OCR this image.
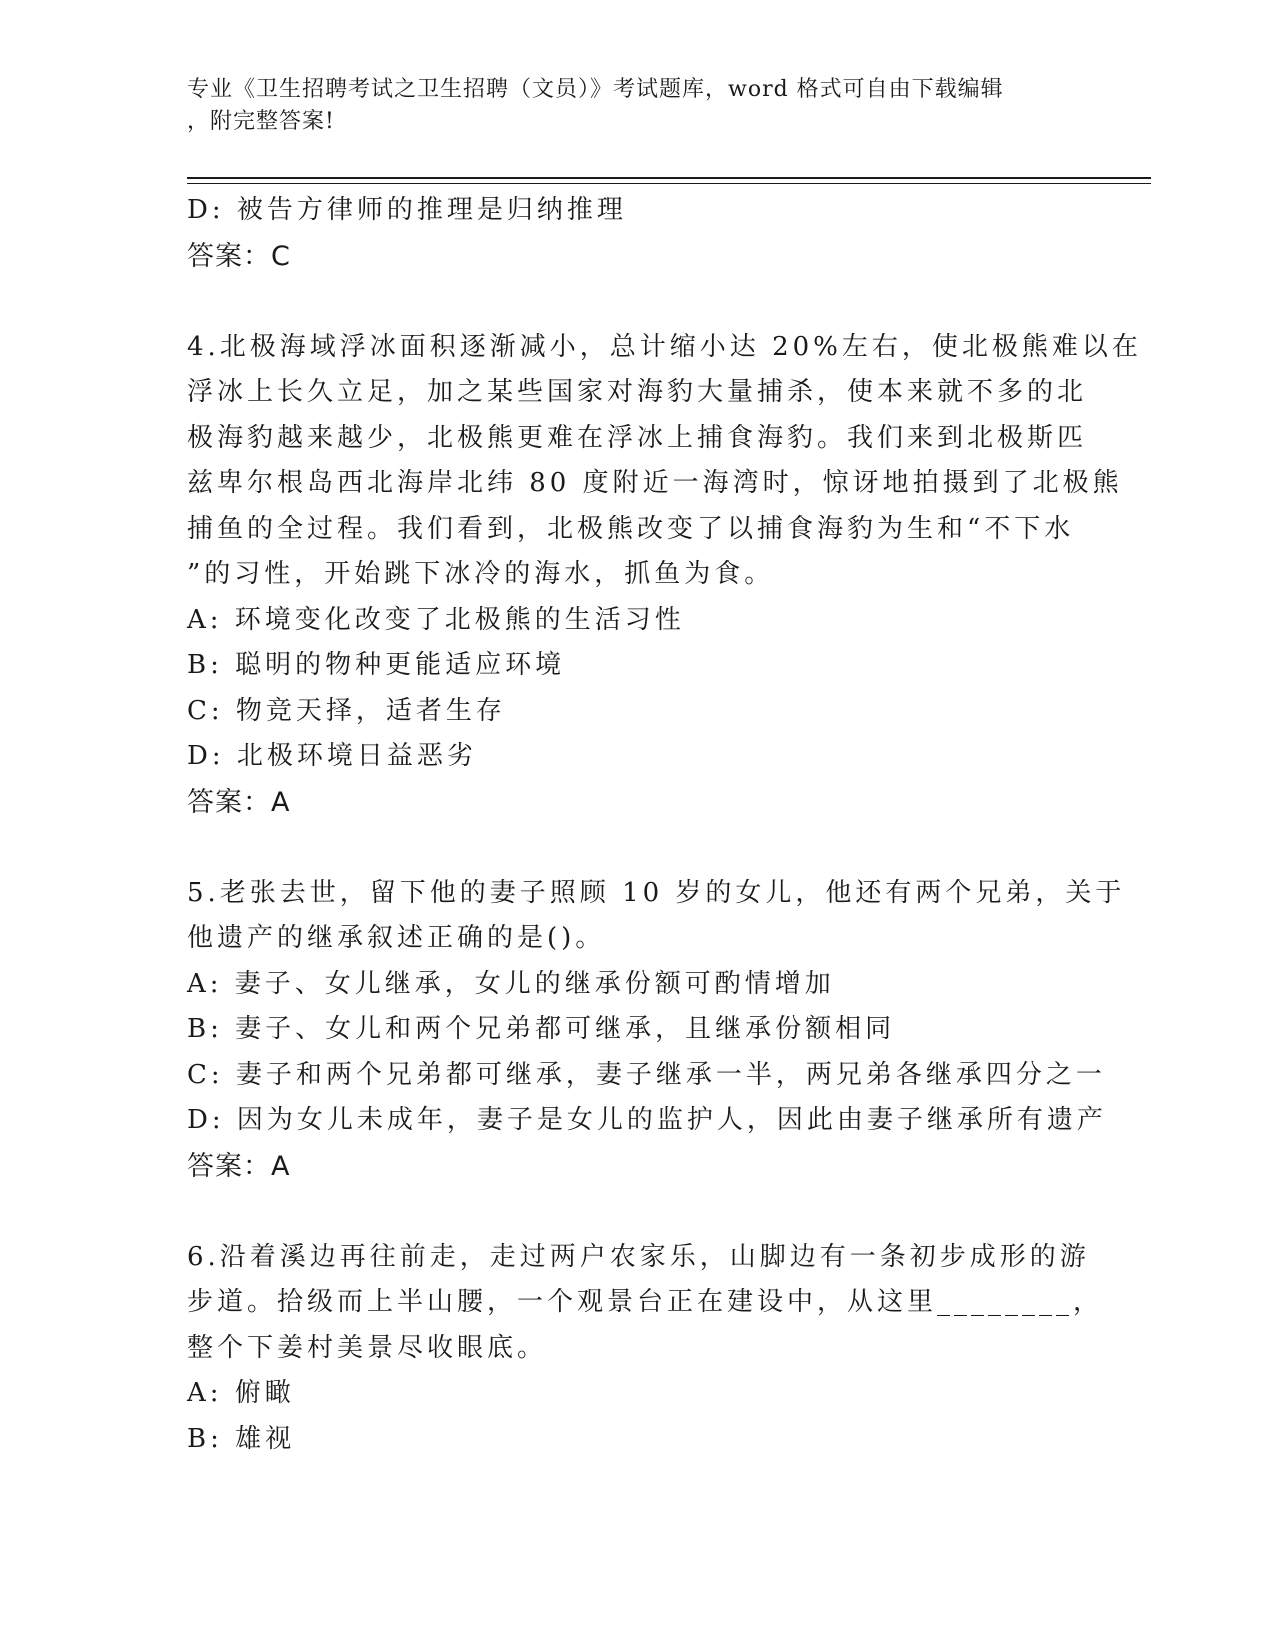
专业《卫生招聘考试之卫生招聘（文员）》考试题库，word 格式可自由下载编辑
，附完整答案!
D: 被告方律师的推理是归纳推理
答案：C
4.北极海域浮冰面积逐渐减小，总计缩小达 20%左右，使北极熊难以在
浮冰上长久立足，加之某些国家对海豹大量捕杀，使本来就不多的北
极海豹越来越少，北极熊更难在浮冰上捕食海豹。我们来到北极斯匹
兹卑尔根岛西北海岸北纬 80 度附近一海湾时，惊讶地拍摄到了北极熊
捕鱼的全过程。我们看到，北极熊改变了以捕食海豹为生和“不下水
”的习性，开始跳下冰冷的海水，抓鱼为食。
A: 环境变化改变了北极熊的生活习性
B: 聪明的物种更能适应环境
C: 物竞天择，适者生存
D: 北极环境日益恶劣
答案：A
5.老张去世，留下他的妻子照顾 10 岁的女儿，他还有两个兄弟，关于
他遗产的继承叙述正确的是()。
A: 妻子、女儿继承，女儿的继承份额可酌情增加
B: 妻子、女儿和两个兄弟都可继承，且继承份额相同
C: 妻子和两个兄弟都可继承，妻子继承一半，两兄弟各继承四分之一
D: 因为女儿未成年，妻子是女儿的监护人，因此由妻子继承所有遗产
答案：A
6.沿着溪边再往前走，走过两户农家乐，山脚边有一条初步成形的游
步道。拾级而上半山腰，一个观景台正在建设中，从这里________，
整个下姜村美景尽收眼底。
A: 俯瞰
B: 雄视
